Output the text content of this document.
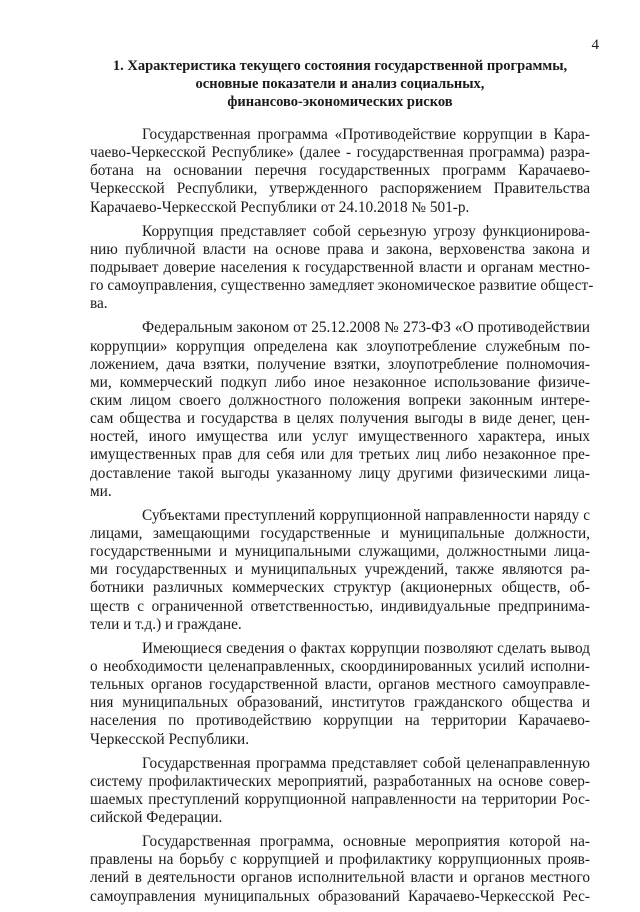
4
1. Характеристика текущего состояния государственной программы,
основные показатели и анализ социальных,
финансово-экономических рисков
Государственная программа «Противодействие коррупции в Кара-
чаево-Черкесской Республике» (далее - государственная программа) разра-
ботана на основании перечня государственных программ Карачаево-
Черкесской Республики, утвержденного распоряжением Правительства
Карачаево-Черкесской Республики от 24.10.2018 № 501-р.
Коррупция представляет собой серьезную угрозу функционирова-
нию публичной власти на основе права и закона, верховенства закона и
подрывает доверие населения к государственной власти и органам местно-
го самоуправления, существенно замедляет экономическое развитие общест-
ва.
Федеральным законом от 25.12.2008 № 273-ФЗ «О противодействии
коррупции» коррупция определена как злоупотребление служебным по-
ложением, дача взятки, получение взятки, злоупотребление полномочия-
ми, коммерческий подкуп либо иное незаконное использование физиче-
ским лицом своего должностного положения вопреки законным интере-
сам общества и государства в целях получения выгоды в виде денег, цен-
ностей, иного имущества или услуг имущественного характера, иных
имущественных прав для себя или для третьих лиц либо незаконное пре-
доставление такой выгоды указанному лицу другими физическими лица-
ми.
Субъектами преступлений коррупционной направленности наряду с
лицами, замещающими государственные и муниципальные должности,
государственными и муниципальными служащими, должностными лица-
ми государственных и муниципальных учреждений, также являются ра-
ботники различных коммерческих структур (акционерных обществ, об-
ществ с ограниченной ответственностью, индивидуальные предпринима-
тели и т.д.) и граждане.
Имеющиеся сведения о фактах коррупции позволяют сделать вывод
о необходимости целенаправленных, скоординированных усилий исполни-
тельных органов государственной власти, органов местного самоуправле-
ния муниципальных образований, институтов гражданского общества и
населения по противодействию коррупции на территории Карачаево-
Черкесской Республики.
Государственная программа представляет собой целенаправленную
систему профилактических мероприятий, разработанных на основе совер-
шаемых преступлений коррупционной направленности на территории Рос-
сийской Федерации.
Государственная программа, основные мероприятия которой на-
правлены на борьбу с коррупцией и профилактику коррупционных прояв-
лений в деятельности органов исполнительной власти и органов местного
самоуправления муниципальных образований Карачаево-Черкесской Рес-
